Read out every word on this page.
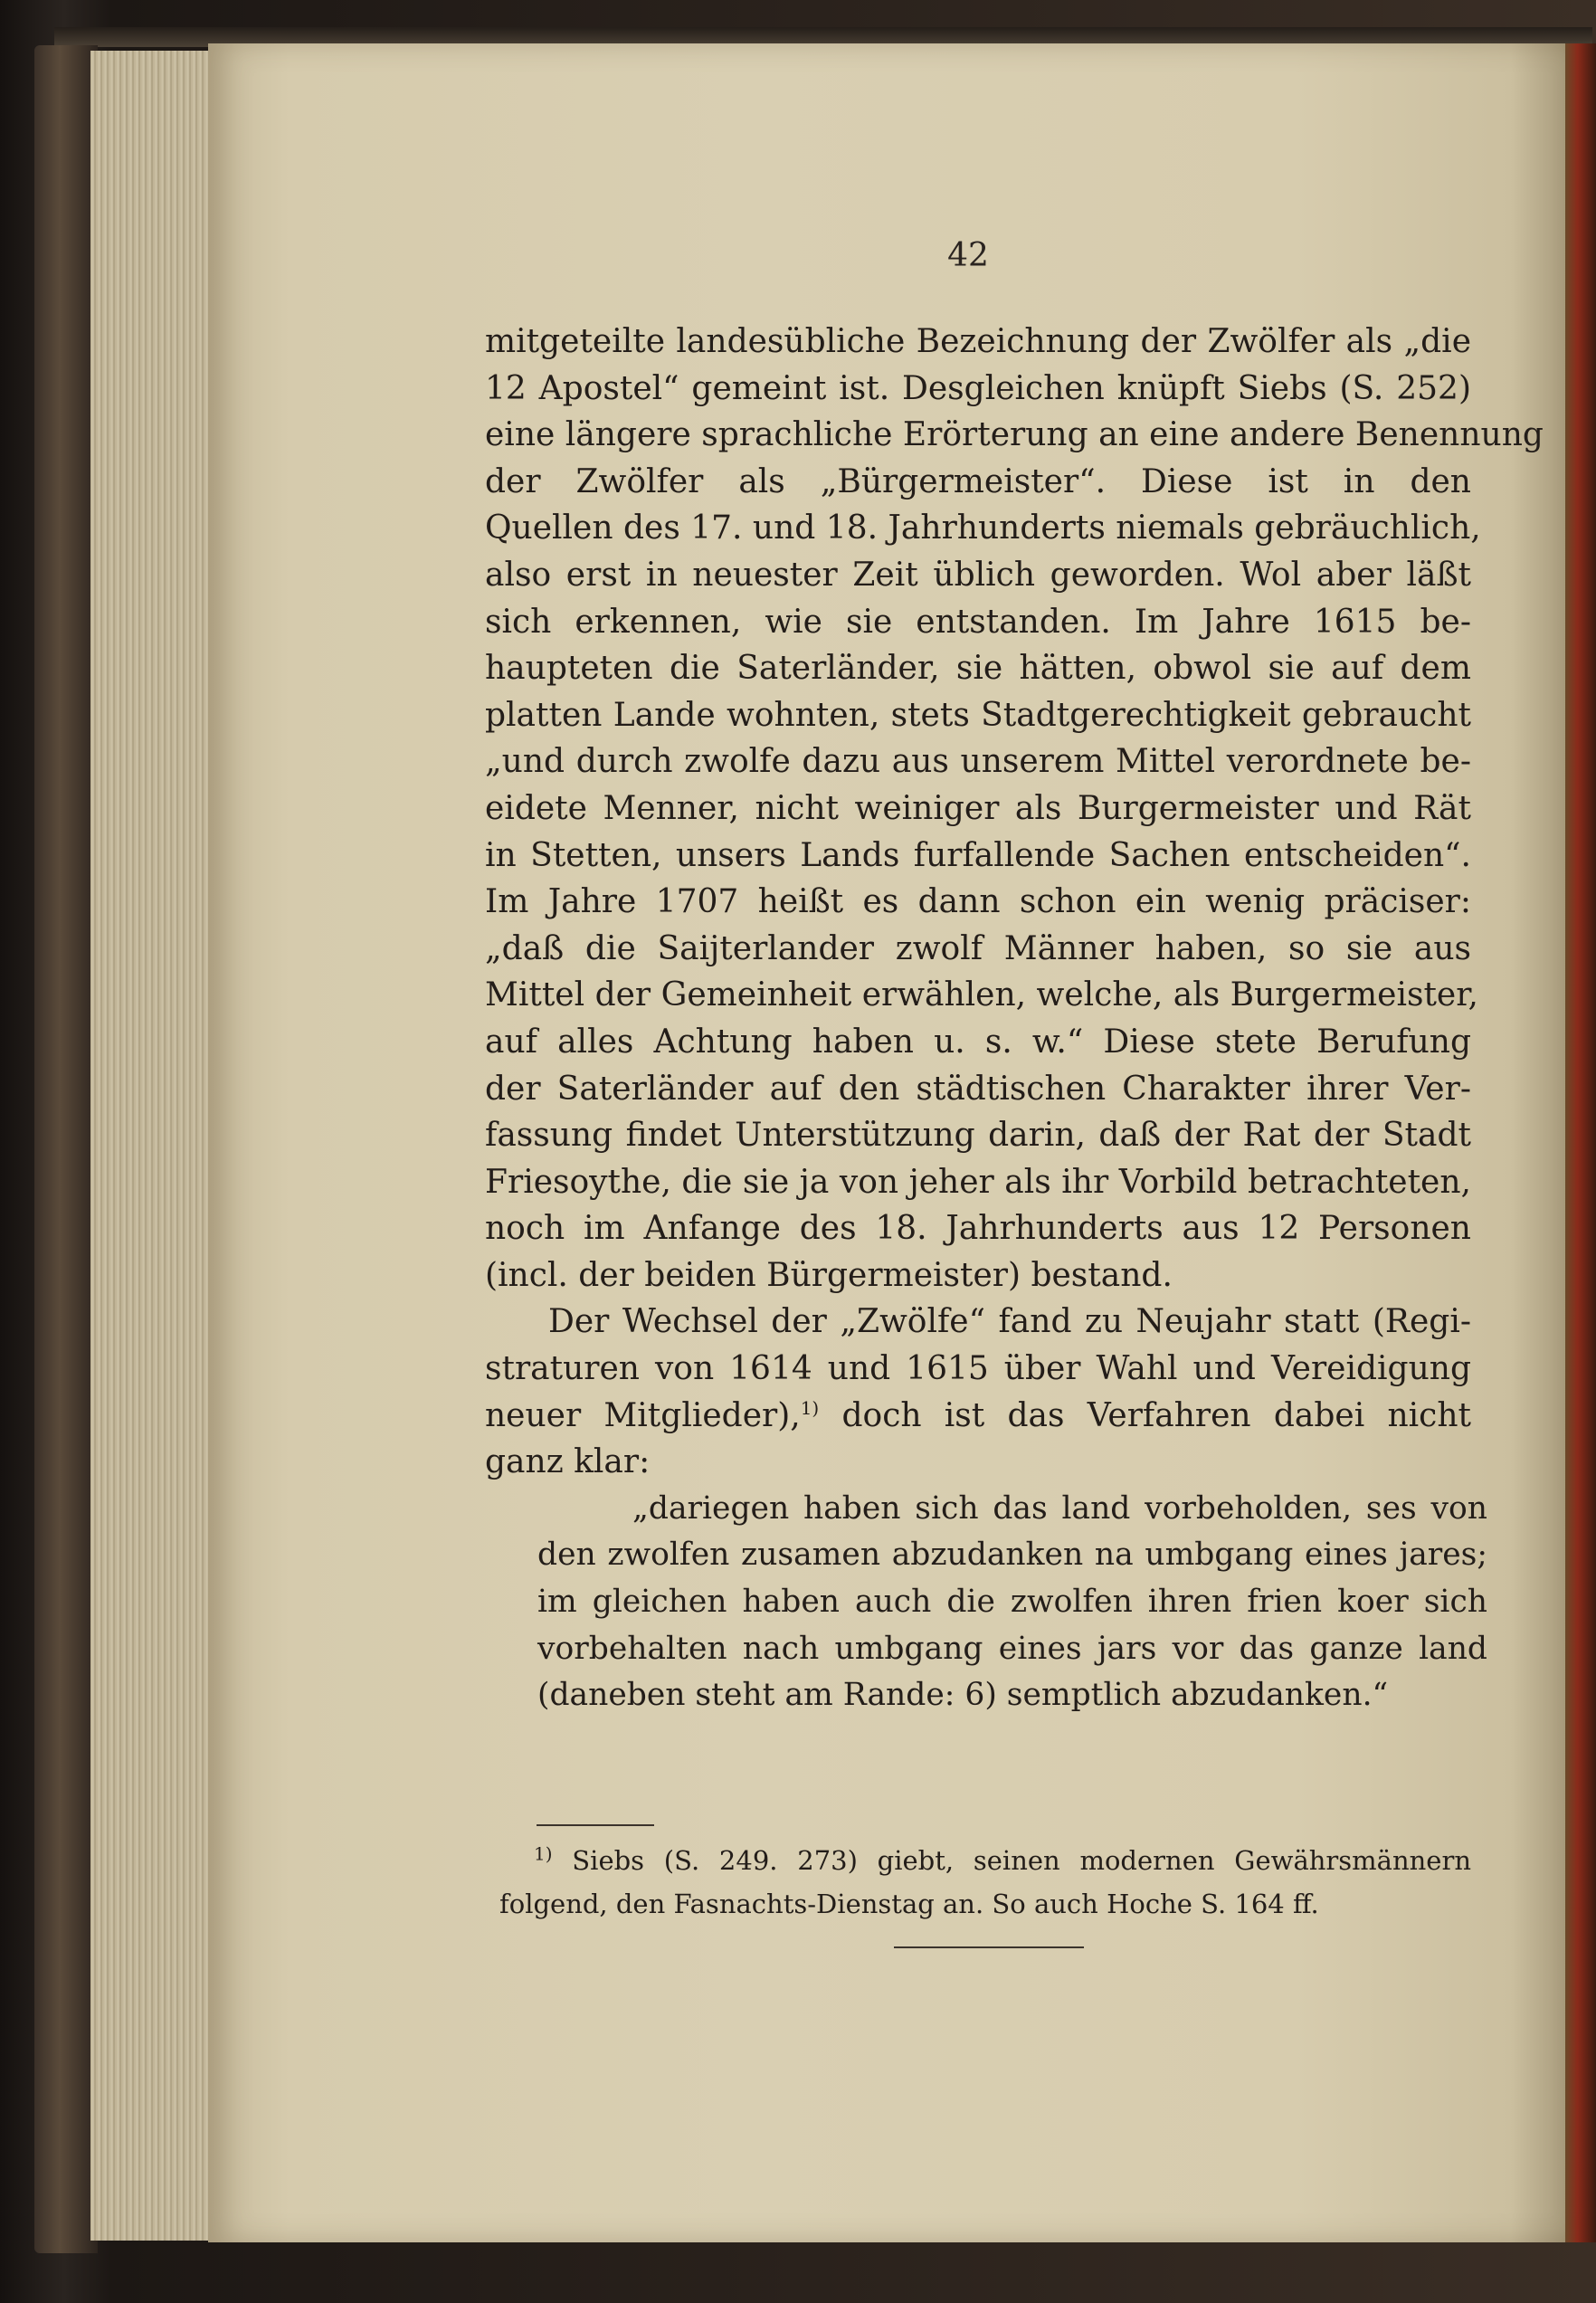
42
mitgeteilte landesübliche Bezeichnung der Zwölfer als „die
12 Apostel“ gemeint ist. Desgleichen knüpft Siebs (S. 252)
eine längere sprachliche Erörterung an eine andere Benennung
der Zwölfer als „Bürgermeister“. Diese ist in den
Quellen des 17. und 18. Jahrhunderts niemals gebräuchlich,
also erst in neuester Zeit üblich geworden. Wol aber läßt
sich erkennen, wie sie entstanden. Im Jahre 1615 be-
haupteten die Saterländer, sie hätten, obwol sie auf dem
platten Lande wohnten, stets Stadtgerechtigkeit gebraucht
„und durch zwolfe dazu aus unserem Mittel verordnete be-
eidete Menner, nicht weiniger als Burgermeister und Rät
in Stetten, unsers Lands furfallende Sachen entscheiden“.
Im Jahre 1707 heißt es dann schon ein wenig präciser:
„daß die Saijterlander zwolf Männer haben, so sie aus
Mittel der Gemeinheit erwählen, welche, als Burgermeister,
auf alles Achtung haben u. s. w.“ Diese stete Berufung
der Saterländer auf den städtischen Charakter ihrer Ver-
fassung findet Unterstützung darin, daß der Rat der Stadt
Friesoythe, die sie ja von jeher als ihr Vorbild betrachteten,
noch im Anfange des 18. Jahrhunderts aus 12 Personen
(incl. der beiden Bürgermeister) bestand.
Der Wechsel der „Zwölfe“ fand zu Neujahr statt (Regi-
straturen von 1614 und 1615 über Wahl und Vereidigung
neuer Mitglieder),$^{1)}$ doch ist das Verfahren dabei nicht
ganz klar:
„dariegen haben sich das land vorbeholden, ses von
den zwolfen zusamen abzudanken na umbgang eines jares;
im gleichen haben auch die zwolfen ihren frien koer sich
vorbehalten nach umbgang eines jars vor das ganze land
(daneben steht am Rande: 6) semptlich abzudanken.“
$^{1)}$ Siebs (S. 249. 273) giebt, seinen modernen Gewährsmännern
folgend, den Fasnachts-Dienstag an. So auch Hoche S. 164 ff.
